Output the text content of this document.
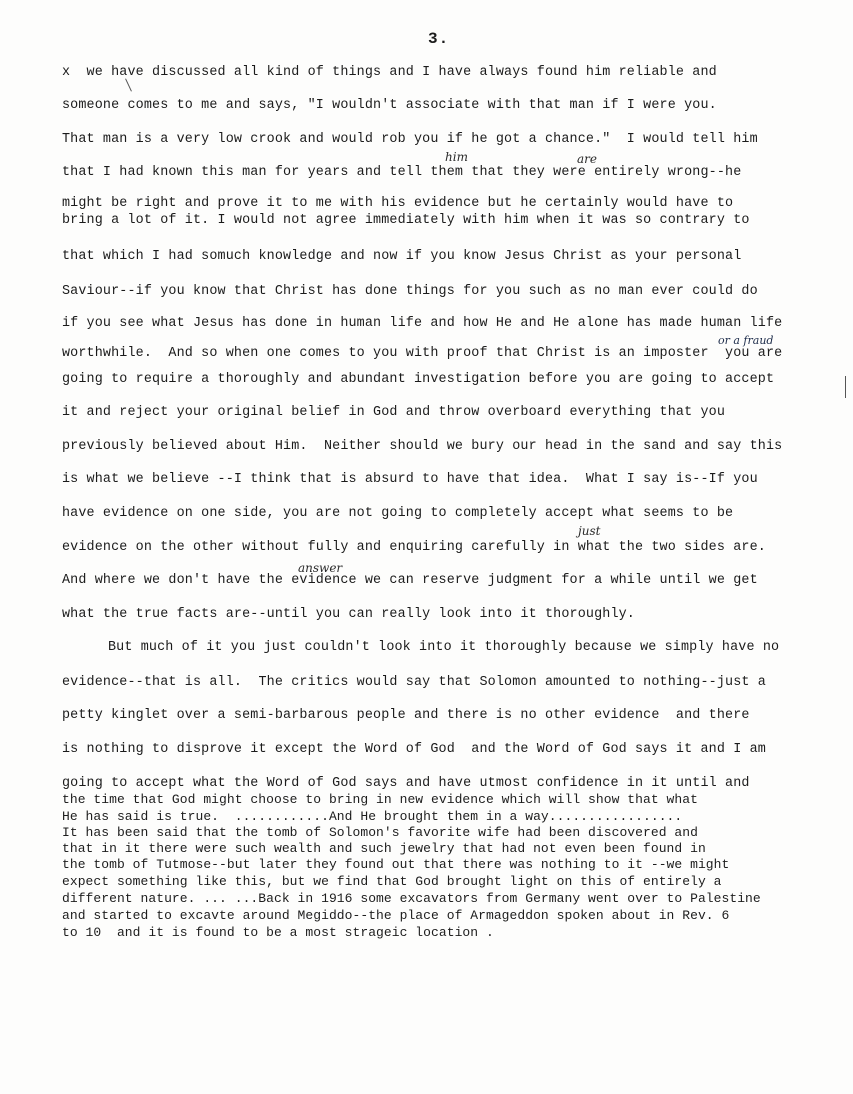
3.
x  we have discussed all kind of things and I have always found him reliable and
someone comes to me and says, "I wouldn't associate with that man if I were you.
That man is a very low crook and would rob you if he got a chance."  I would tell him
that I had known this man for years and tell them that they were entirely wrong--he
might be right and prove it to me with his evidence but he certainly would have to
bring a lot of it. I would not agree immediately with him when it was so contrary to
that which I had somuch knowledge and now if you know Jesus Christ as your personal
Saviour--if you know that Christ has done things for you such as no man ever could do
if you see what Jesus has done in human life and how He and He alone has made human life
worthwhile.  And so when one comes to you with proof that Christ is an imposter  you are
going to require a thoroughly and abundant investigation before you are going to accept
it and reject your original belief in God and throw overboard everything that you
previously believed about Him.  Neither should we bury our head in the sand and say this
is what we believe --I think that is absurd to have that idea.  What I say is--If you
have evidence on one side, you are not going to completely accept what seems to be
evidence on the other without fully and enquiring carefully in what the two sides are.
And where we don't have the evidence we can reserve judgment for a while until we get
what the true facts are--until you can really look into it thoroughly.
But much of it you just couldn't look into it thoroughly because we simply have no
evidence--that is all.  The critics would say that Solomon amounted to nothing--just a
petty kinglet over a semi-barbarous people and there is no other evidence  and there
is nothing to disprove it except the Word of God  and the Word of God says it and I am
going to accept what the Word of God says and have utmost confidence in it until and
the time that God might choose to bring in new evidence which will show that what
He has said is true.  ............And He brought them in a way.................
It has been said that the tomb of Solomon's favorite wife had been discovered and
that in it there were such wealth and such jewelry that had not even been found in
the tomb of Tutmose--but later they found out that there was nothing to it --we might
expect something like this, but we find that God brought light on this of entirely a
different nature. ... ...Back in 1916 some excavators from Germany went over to Palestine
and started to excavte around Megiddo--the place of Armageddon spoken about in Rev. 6
to 10  and it is found to be a most strageic location .
him	are
or a fraud
just
answer
